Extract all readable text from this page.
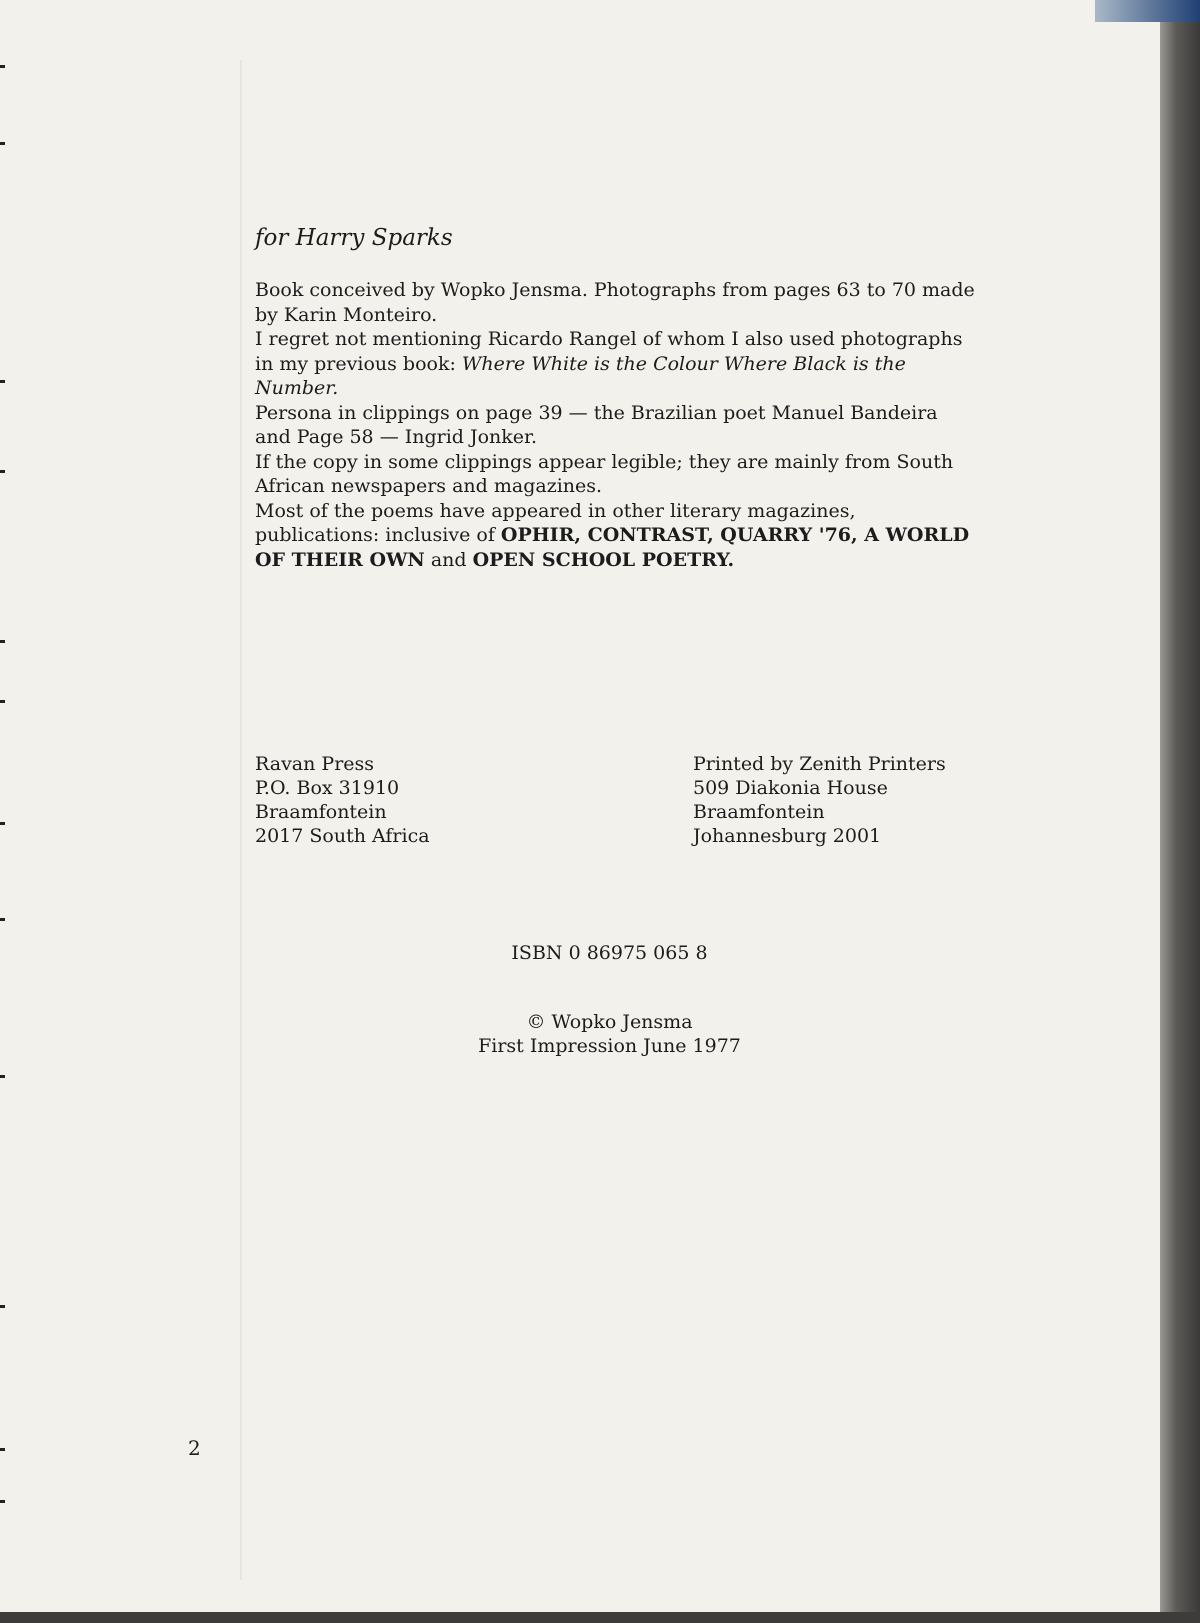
for Harry Sparks

Book conceived by Wopko Jensma. Photographs from pages 63 to 70 made by Karin Monteiro.

I regret not mentioning Ricardo Rangel of whom I also used photographs in my previous book: Where White is the Colour Where Black is the Number.

Persona in clippings on page 39 — the Brazilian poet Manuel Bandeira and Page 58 — Ingrid Jonker.

If the copy in some clippings appear legible; they are mainly from South African newspapers and magazines.

Most of the poems have appeared in other literary magazines, publications: inclusive of OPHIR, CONTRAST, QUARRY '76, A WORLD OF THEIR OWN and OPEN SCHOOL POETRY.

Ravan Press
P.O. Box 31910
Braamfontein
2017 South Africa
Printed by Zenith Printers
509 Diakonia House
Braamfontein
Johannesburg 2001
ISBN 0 86975 065 8
© Wopko Jensma
First Impression June 1977
2
